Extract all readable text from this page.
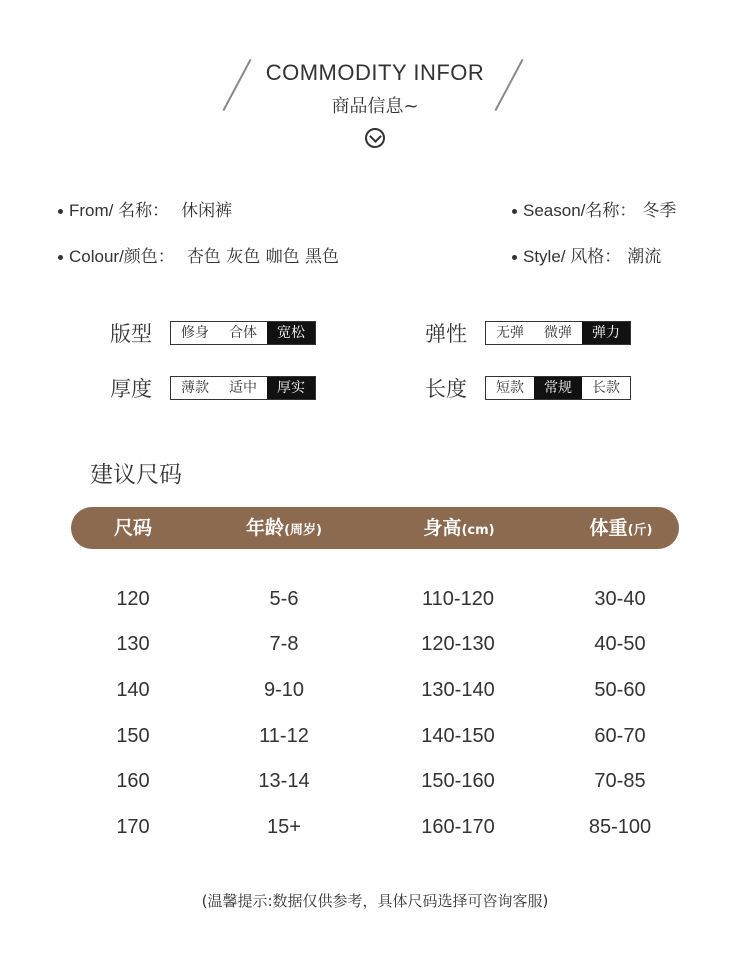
COMMODITY INFOR
商品信息~
From/ 名称： 休闲裤	Season/名称： 冬季
Colour/颜色： 杏色 灰色 咖色 黑色	Style/ 风格： 潮流
版型	修身	合体	宽松	弹性	无弹	微弹	弹力
厚度	薄款	适中	厚实	长度	短款	常规	长款
建议尺码
尺码	年龄(周岁)	身高(cm)	体重(斤)
120	5-6	110-120	30-40
130	7-8	120-130	40-50
140	9-10	130-140	50-60
150	11-12	140-150	60-70
160	13-14	150-160	70-85
170	15+	160-170	85-100
(温馨提示:数据仅供参考，具体尺码选择可咨询客服)
